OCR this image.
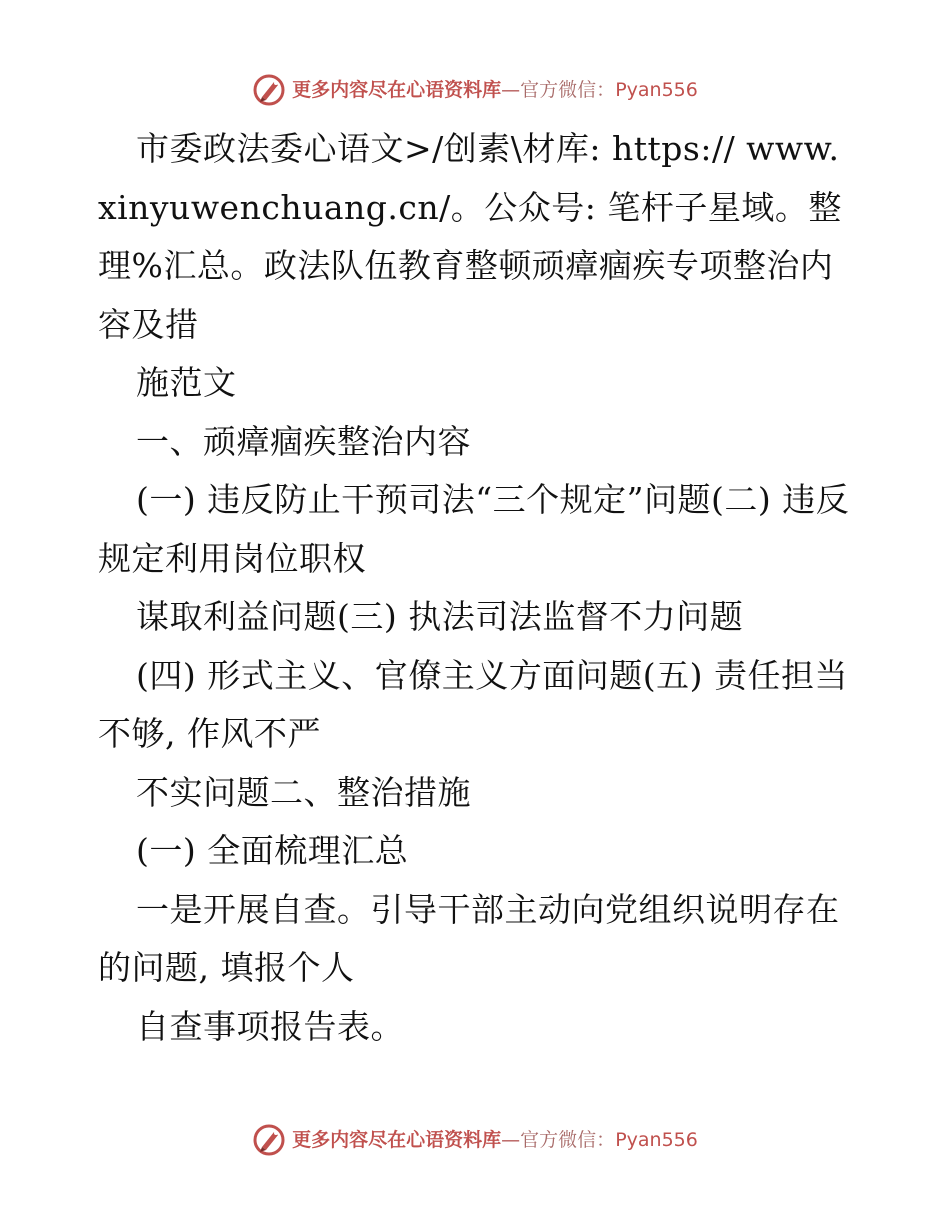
更多内容尽在心语资料库—官方微信：Pyan556

市委政法委心语文>/创素\材库: https:// www.xinyuwenchuang.cn/。公众号: 笔杆子星域。整理%汇总。政法队伍教育整顿顽瘴痼疾专项整治内容及措

施范文

一、顽瘴痼疾整治内容

(一) 违反防止干预司法“三个规定”问题(二) 违反规定利用岗位职权

谋取利益问题(三) 执法司法监督不力问题

(四) 形式主义、官僚主义方面问题(五) 责任担当不够, 作风不严

不实问题二、整治措施

(一) 全面梳理汇总

一是开展自查。引导干部主动向党组织说明存在的问题, 填报个人

自查事项报告表。

更多内容尽在心语资料库—官方微信：Pyan556
